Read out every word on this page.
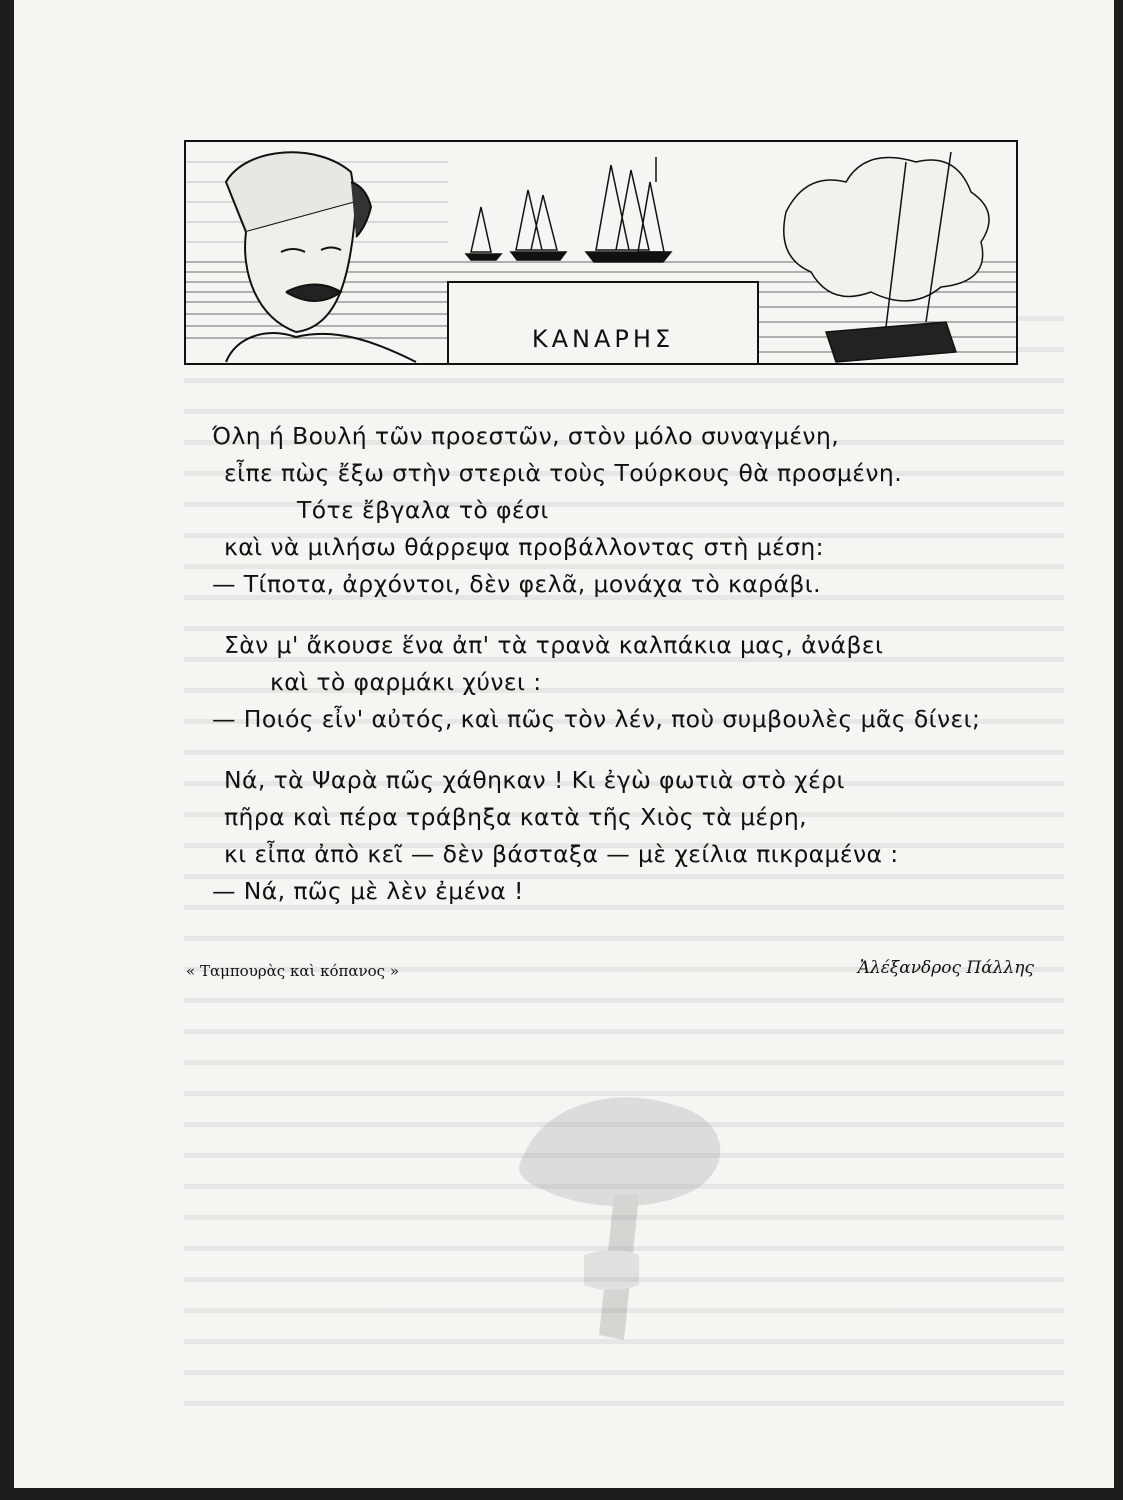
ΚΑΝΑΡΗΣ
Όλη ή Βουλή τῶν προεστῶν, στὸν μόλο συναγμένη,
εἶπε πὼς ἔξω στὴν στεριὰ τοὺς Τούρκους θὰ προσμένη.
Τότε ἔβγαλα τὸ φέσι
καὶ νὰ μιλήσω θάρρεψα προβάλλοντας στὴ μέση:
— Τίποτα, ἀρχόντοι, δὲν φελᾶ, μονάχα τὸ καράβι.
Σὰν μ' ἄκουσε ἕνα ἀπ' τὰ τρανὰ καλπάκια μας, ἀνάβει
καὶ τὸ φαρμάκι χύνει :
— Ποιός εἶν' αὐτός, καὶ πῶς τὸν λέν, ποὺ συμβουλὲς μᾶς δίνει;
Νά, τὰ Ψαρὰ πῶς χάθηκαν ! Κι ἐγὼ φωτιὰ στὸ χέρι
πῆρα καὶ πέρα τράβηξα κατὰ τῆς Χιὸς τὰ μέρη,
κι εἶπα ἀπὸ κεῖ — δὲν βάσταξα — μὲ χείλια πικραμένα :
— Νά, πῶς μὲ λὲν ἐμένα !
« Ταμπουρὰς καὶ κόπανος »	Ἀλέξανδρος Πάλλης
